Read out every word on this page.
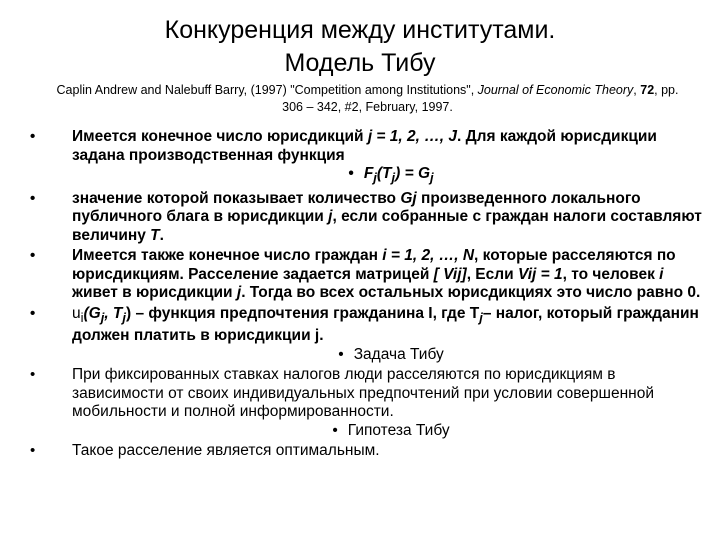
Конкуренция между институтами.
Модель Тибу
Caplin Andrew and Nalebuff Barry, (1997) "Competition among Institutions", Journal of Economic Theory, 72, pp. 306 – 342, #2, February, 1997.
•	Имеется конечное число юрисдикций j = 1, 2, …, J. Для каждой юрисдикции задана производственная функция
• $F_j(T_j) = G_j$
•	значение которой показывает количество Gj произведенного локального публичного блага в юрисдикции j, если собранные с граждан налоги составляют величину T.
•	Имеется также конечное число граждан i = 1, 2, …, N, которые расселяются по юрисдикциям. Расселение задается матрицей [ Vij], Если Vij = 1, то человек i живет в юрисдикции j. Тогда во всех остальных юрисдикциях это число равно 0.
•	$u_i(G_j$, $T_j$) – функция предпочтения гражданина I, где $T_j-$ налог, который гражданин должен платить в юрисдикции j.
• Задача Тибу
•	При фиксированных ставках налогов люди расселяются по юрисдикциям в зависимости от своих индивидуальных предпочтений при условии совершенной мобильности и полной информированности.
• Гипотеза Тибу
•	Такое расселение является оптимальным.
